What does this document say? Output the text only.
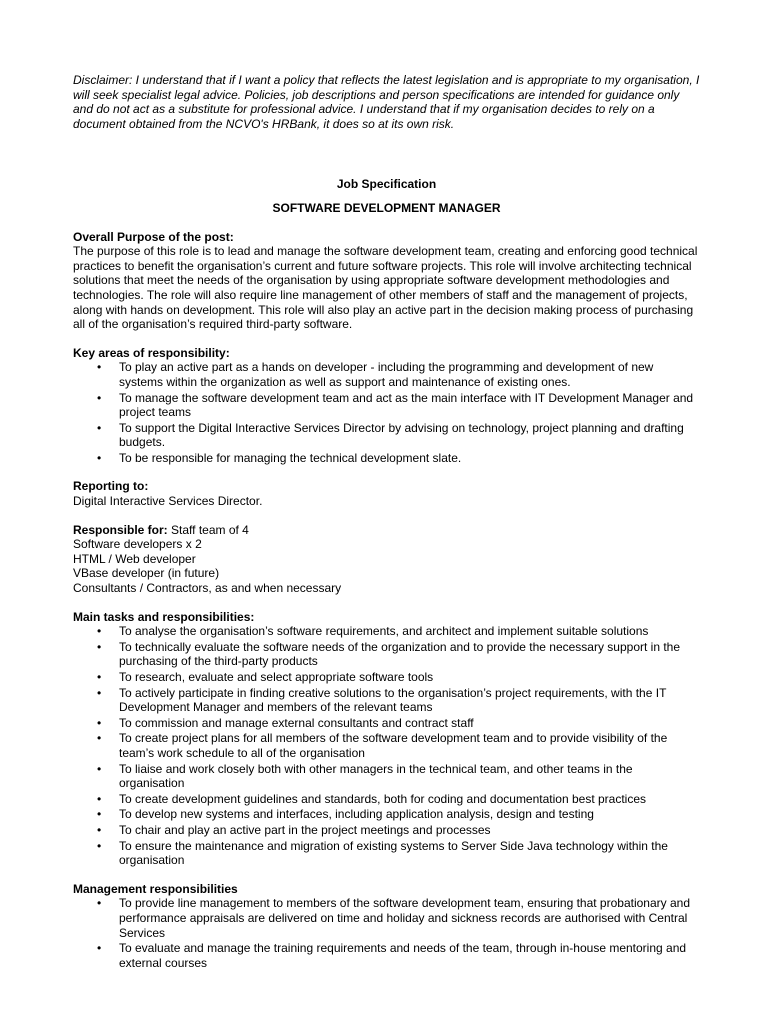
Disclaimer: I understand that if I want a policy that reflects the latest legislation and is appropriate to my organisation, I will seek specialist legal advice. Policies, job descriptions and person specifications are intended for guidance only and do not act as a substitute for professional advice. I understand that if my organisation decides to rely on a document obtained from the NCVO's HRBank, it does so at its own risk.

Job Specification

SOFTWARE DEVELOPMENT MANAGER

Overall Purpose of the post:

The purpose of this role is to lead and manage the software development team, creating and enforcing good technical practices to benefit the organisation’s current and future software projects. This role will involve architecting technical solutions that meet the needs of the organisation by using appropriate software development methodologies and technologies. The role will also require line management of other members of staff and the management of projects, along with hands on development. This role will also play an active part in the decision making process of purchasing all of the organisation’s required third-party software.

Key areas of responsibility:
• To play an active part as a hands on developer - including the programming and development of new systems within the organization as well as support and maintenance of existing ones.
• To manage the software development team and act as the main interface with IT Development Manager and project teams
• To support the Digital Interactive Services Director by advising on technology, project planning and drafting budgets.
• To be responsible for managing the technical development slate.
Reporting to:

Digital Interactive Services Director.

Responsible for: Staff team of 4
Software developers x 2
HTML / Web developer
VBase developer (in future)
Consultants / Contractors, as and when necessary
Main tasks and responsibilities:
• To analyse the organisation’s software requirements, and architect and implement suitable solutions
• To technically evaluate the software needs of the organization and to provide the necessary support in the purchasing of the third-party products
• To research, evaluate and select appropriate software tools
• To actively participate in finding creative solutions to the organisation’s project requirements, with the IT Development Manager and members of the relevant teams
• To commission and manage external consultants and contract staff
• To create project plans for all members of the software development team and to provide visibility of the team’s work schedule to all of the organisation
• To liaise and work closely both with other managers in the technical team, and other teams in the organisation
• To create development guidelines and standards, both for coding and documentation best practices
• To develop new systems and interfaces, including application analysis, design and testing
• To chair and play an active part in the project meetings and processes
• To ensure the maintenance and migration of existing systems to Server Side Java technology within the organisation
Management responsibilities
• To provide line management to members of the software development team, ensuring that probationary and performance appraisals are delivered on time and holiday and sickness records are authorised with Central Services
• To evaluate and manage the training requirements and needs of the team, through in-house mentoring and external courses
